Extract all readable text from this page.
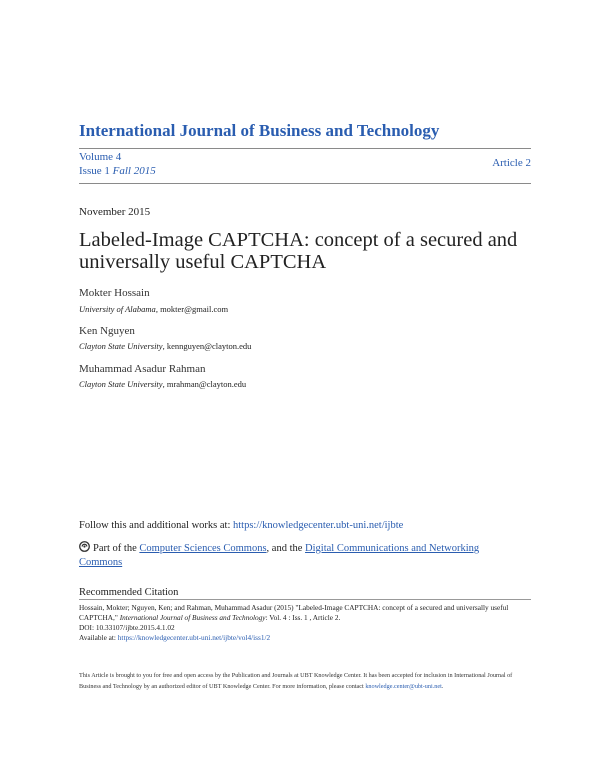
International Journal of Business and Technology
Volume 4
Issue 1 Fall 2015
Article 2
November 2015
Labeled-Image CAPTCHA: concept of a secured and universally useful CAPTCHA
Mokter Hossain
University of Alabama, mokter@gmail.com
Ken Nguyen
Clayton State University, kennguyen@clayton.edu
Muhammad Asadur Rahman
Clayton State University, mrahman@clayton.edu
Follow this and additional works at: https://knowledgecenter.ubt-uni.net/ijbte
Part of the Computer Sciences Commons, and the Digital Communications and Networking Commons
Recommended Citation
Hossain, Mokter; Nguyen, Ken; and Rahman, Muhammad Asadur (2015) "Labeled-Image CAPTCHA: concept of a secured and universally useful CAPTCHA," International Journal of Business and Technology: Vol. 4 : Iss. 1 , Article 2.
DOI: 10.33107/ijbte.2015.4.1.02
Available at: https://knowledgecenter.ubt-uni.net/ijbte/vol4/iss1/2
This Article is brought to you for free and open access by the Publication and Journals at UBT Knowledge Center. It has been accepted for inclusion in International Journal of Business and Technology by an authorized editor of UBT Knowledge Center. For more information, please contact knowledge.center@ubt-uni.net.
